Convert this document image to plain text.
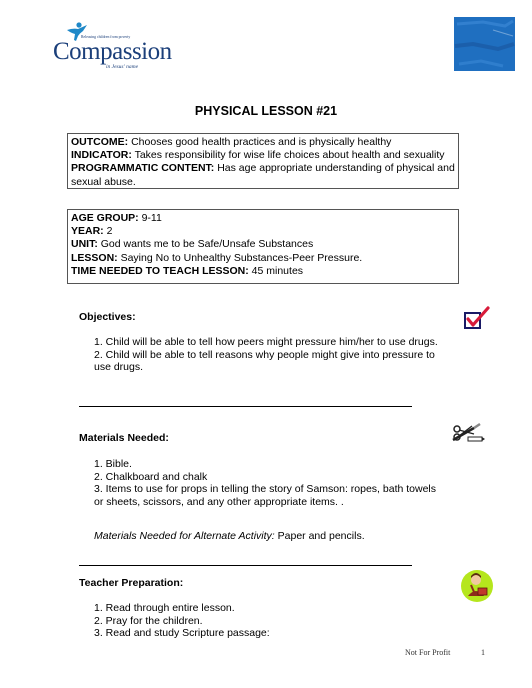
Releasing children from poverty
Compassion
in Jesus' name
PHYSICAL LESSON #21
OUTCOME: Chooses good health practices and is physically healthy
INDICATOR: Takes responsibility for wise life choices about health and sexuality
PROGRAMMATIC CONTENT: Has age appropriate understanding of physical and sexual abuse.
AGE GROUP: 9-11
YEAR: 2
UNIT: God wants me to be Safe/Unsafe Substances
LESSON: Saying No to Unhealthy Substances-Peer Pressure.
TIME NEEDED TO TEACH LESSON: 45 minutes
Objectives:
1. Child will be able to tell how peers might pressure him/her to use drugs.
2. Child will be able to tell reasons why people might give into pressure to use drugs.
Materials Needed:
1. Bible.
2. Chalkboard and chalk
3. Items to use for props in telling the story of Samson: ropes, bath towels or sheets, scissors, and any other appropriate items. .
Materials Needed for Alternate Activity: Paper and pencils.
Teacher Preparation:
1. Read through entire lesson.
2. Pray for the children.
3. Read and study Scripture passage:
Not For Profit	1
